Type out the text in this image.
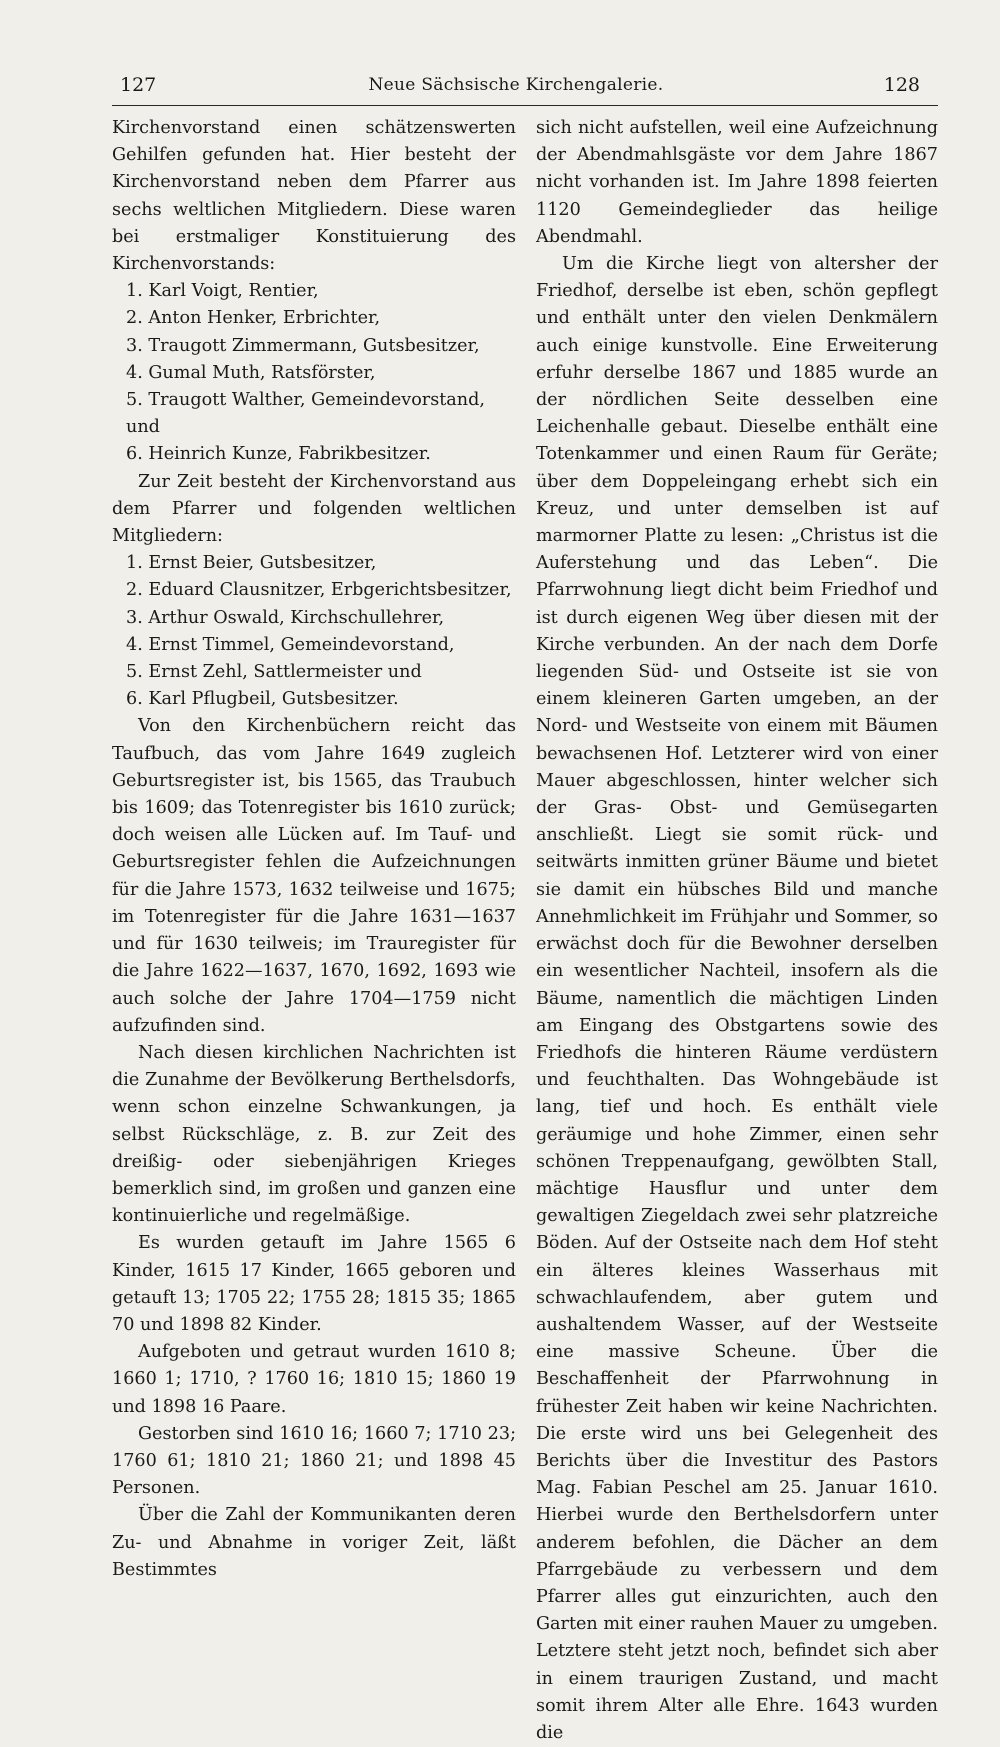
127	Neue Sächsische Kirchengalerie.	128

Kirchenvorstand einen schätzenswerten Gehilfen gefunden hat. Hier besteht der Kirchenvorstand neben dem Pfarrer aus sechs weltlichen Mitgliedern. Diese waren bei erstmaliger Konstituierung des Kirchenvorstands:

1. Karl Voigt, Rentier,
2. Anton Henker, Erbrichter,
3. Traugott Zimmermann, Gutsbesitzer,
4. Gumal Muth, Ratsförster,
5. Traugott Walther, Gemeindevorstand, und
6. Heinrich Kunze, Fabrikbesitzer.

Zur Zeit besteht der Kirchenvorstand aus dem Pfarrer und folgenden weltlichen Mitgliedern:

1. Ernst Beier, Gutsbesitzer,
2. Eduard Clausnitzer, Erbgerichtsbesitzer,
3. Arthur Oswald, Kirchschullehrer,
4. Ernst Timmel, Gemeindevorstand,
5. Ernst Zehl, Sattlermeister und
6. Karl Pflugbeil, Gutsbesitzer.

Von den Kirchenbüchern reicht das Taufbuch, das vom Jahre 1649 zugleich Geburtsregister ist, bis 1565, das Traubuch bis 1609; das Totenregister bis 1610 zurück; doch weisen alle Lücken auf. Im Tauf- und Geburtsregister fehlen die Aufzeichnungen für die Jahre 1573, 1632 teilweise und 1675; im Totenregister für die Jahre 1631—1637 und für 1630 teilweis; im Trauregister für die Jahre 1622—1637, 1670, 1692, 1693 wie auch solche der Jahre 1704—1759 nicht aufzufinden sind.

Nach diesen kirchlichen Nachrichten ist die Zunahme der Bevölkerung Berthelsdorfs, wenn schon einzelne Schwankungen, ja selbst Rückschläge, z. B. zur Zeit des dreißig- oder siebenjährigen Krieges bemerklich sind, im großen und ganzen eine kontinuierliche und regelmäßige.

Es wurden getauft im Jahre 1565 6 Kinder, 1615 17 Kinder, 1665 geboren und getauft 13; 1705 22; 1755 28; 1815 35; 1865 70 und 1898 82 Kinder.

Aufgeboten und getraut wurden 1610 8; 1660 1; 1710, ? 1760 16; 1810 15; 1860 19 und 1898 16 Paare.

Gestorben sind 1610 16; 1660 7; 1710 23; 1760 61; 1810 21; 1860 21; und 1898 45 Personen.

Über die Zahl der Kommunikanten deren Zu- und Abnahme in voriger Zeit, läßt Bestimmtes

sich nicht aufstellen, weil eine Aufzeichnung der Abendmahlsgäste vor dem Jahre 1867 nicht vorhanden ist. Im Jahre 1898 feierten 1120 Gemeindeglieder das heilige Abendmahl.

Um die Kirche liegt von altersher der Friedhof, derselbe ist eben, schön gepflegt und enthält unter den vielen Denkmälern auch einige kunstvolle. Eine Erweiterung erfuhr derselbe 1867 und 1885 wurde an der nördlichen Seite desselben eine Leichenhalle gebaut. Dieselbe enthält eine Totenkammer und einen Raum für Geräte; über dem Doppeleingang erhebt sich ein Kreuz, und unter demselben ist auf marmorner Platte zu lesen: „Christus ist die Auferstehung und das Leben“. Die Pfarrwohnung liegt dicht beim Friedhof und ist durch eigenen Weg über diesen mit der Kirche verbunden. An der nach dem Dorfe liegenden Süd- und Ostseite ist sie von einem kleineren Garten umgeben, an der Nord- und Westseite von einem mit Bäumen bewachsenen Hof. Letzterer wird von einer Mauer abgeschlossen, hinter welcher sich der Gras- Obst- und Gemüsegarten anschließt. Liegt sie somit rück- und seitwärts inmitten grüner Bäume und bietet sie damit ein hübsches Bild und manche Annehmlichkeit im Frühjahr und Sommer, so erwächst doch für die Bewohner derselben ein wesentlicher Nachteil, insofern als die Bäume, namentlich die mächtigen Linden am Eingang des Obstgartens sowie des Friedhofs die hinteren Räume verdüstern und feuchthalten. Das Wohngebäude ist lang, tief und hoch. Es enthält viele geräumige und hohe Zimmer, einen sehr schönen Treppenaufgang, gewölbten Stall, mächtige Hausflur und unter dem gewaltigen Ziegeldach zwei sehr platzreiche Böden. Auf der Ostseite nach dem Hof steht ein älteres kleines Wasserhaus mit schwachlaufendem, aber gutem und aushaltendem Wasser, auf der Westseite eine massive Scheune. Über die Beschaffenheit der Pfarrwohnung in frühester Zeit haben wir keine Nachrichten. Die erste wird uns bei Gelegenheit des Berichts über die Investitur des Pastors Mag. Fabian Peschel am 25. Januar 1610. Hierbei wurde den Berthelsdorfern unter anderem befohlen, die Dächer an dem Pfarrgebäude zu verbessern und dem Pfarrer alles gut einzurichten, auch den Garten mit einer rauhen Mauer zu umgeben. Letztere steht jetzt noch, befindet sich aber in einem traurigen Zustand, und macht somit ihrem Alter alle Ehre. 1643 wurden die
